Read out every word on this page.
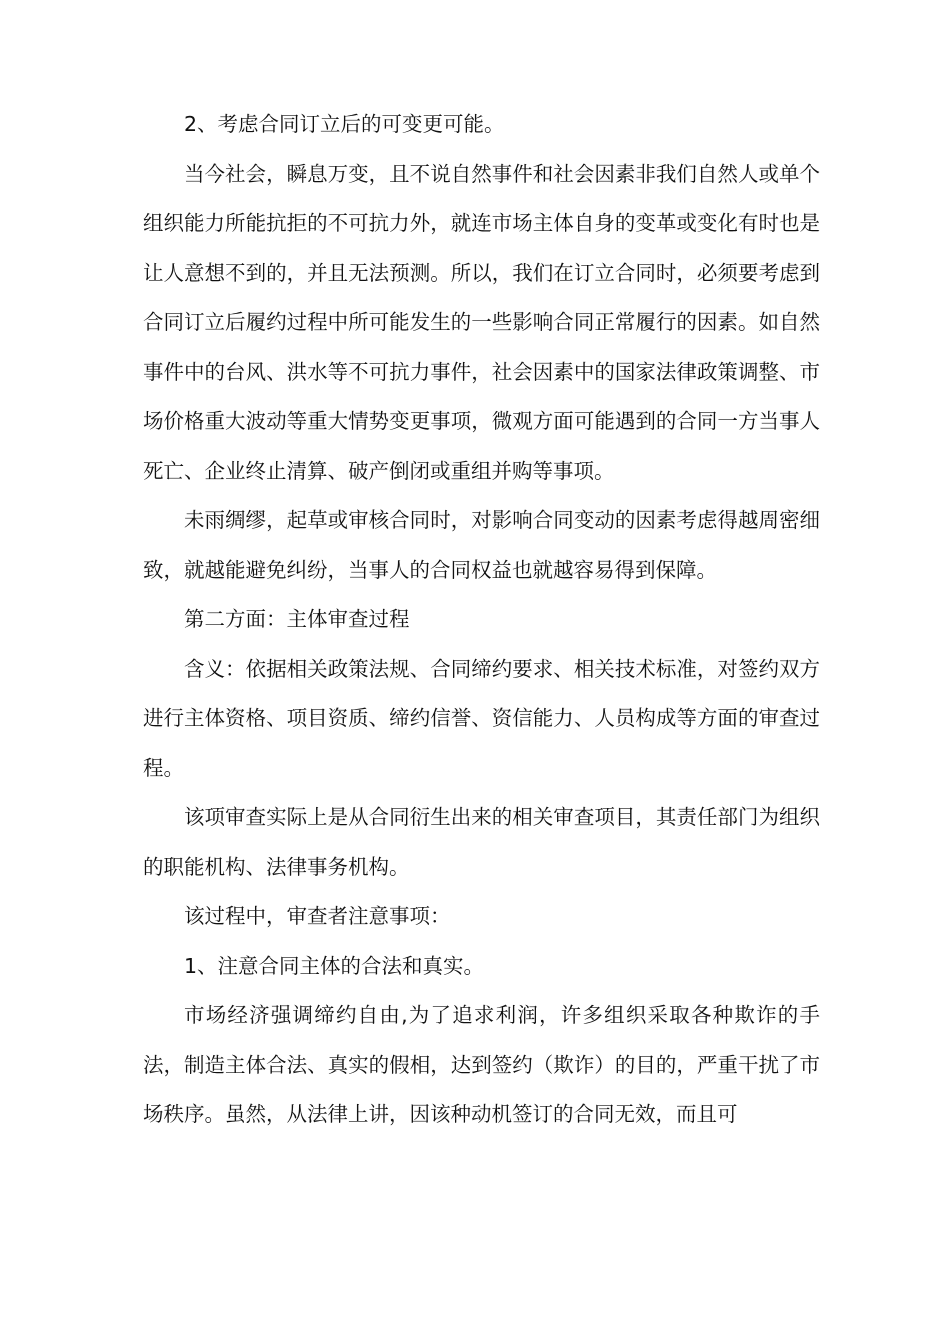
2、考虑合同订立后的可变更可能。

当今社会，瞬息万变，且不说自然事件和社会因素非我们自然人或单个组织能力所能抗拒的不可抗力外，就连市场主体自身的变革或变化有时也是让人意想不到的，并且无法预测。所以，我们在订立合同时，必须要考虑到合同订立后履约过程中所可能发生的一些影响合同正常履行的因素。如自然事件中的台风、洪水等不可抗力事件，社会因素中的国家法律政策调整、市场价格重大波动等重大情势变更事项，微观方面可能遇到的合同一方当事人死亡、企业终止清算、破产倒闭或重组并购等事项。

未雨绸缪，起草或审核合同时，对影响合同变动的因素考虑得越周密细致，就越能避免纠纷，当事人的合同权益也就越容易得到保障。

第二方面：主体审查过程

含义：依据相关政策法规、合同缔约要求、相关技术标准，对签约双方进行主体资格、项目资质、缔约信誉、资信能力、人员构成等方面的审查过程。

该项审查实际上是从合同衍生出来的相关审查项目，其责任部门为组织的职能机构、法律事务机构。

该过程中，审查者注意事项：

1、注意合同主体的合法和真实。

市场经济强调缔约自由,为了追求利润，许多组织采取各种欺诈的手法，制造主体合法、真实的假相，达到签约（欺诈）的目的，严重干扰了市场秩序。虽然，从法律上讲，因该种动机签订的合同无效，而且可
